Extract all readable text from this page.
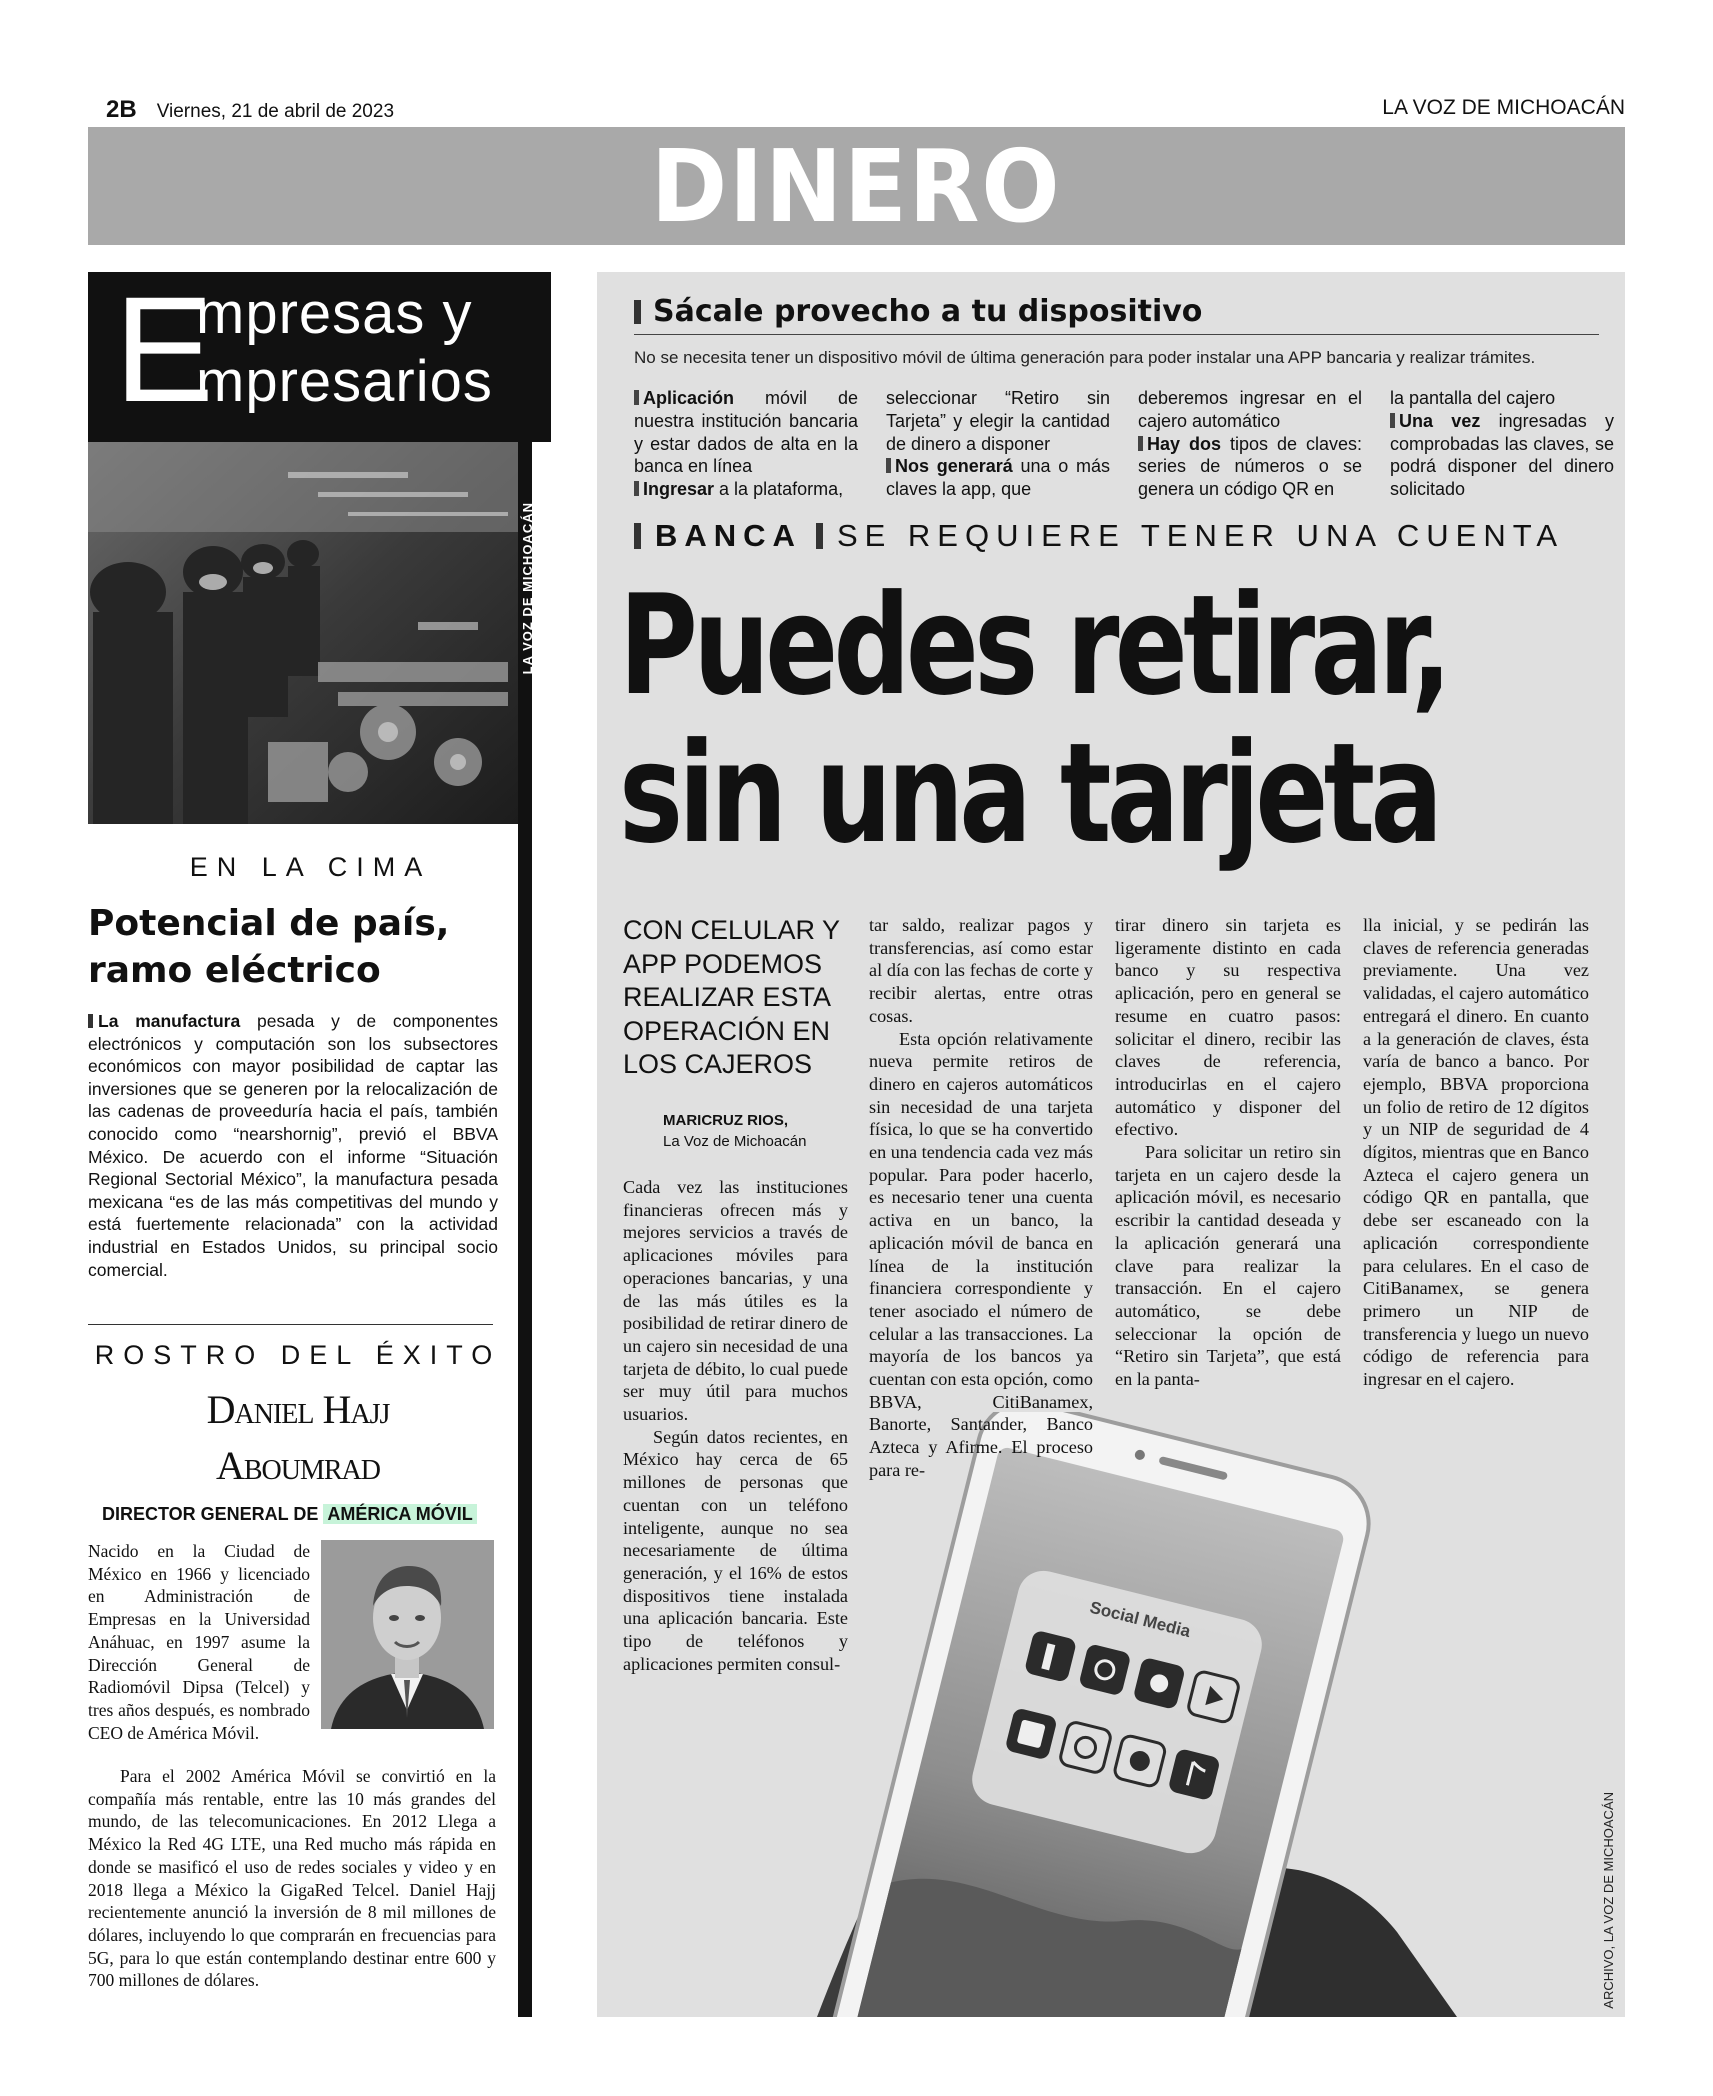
2B Viernes, 21 de abril de 2023	LA VOZ DE MICHOACÁN
DINERO
E
mpresas y
mpresarios
LA VOZ DE MICHOACÁN
EN LA CIMA
Potencial de país,
ramo eléctrico
La manufactura pesada y de componentes electrónicos y computación son los subsectores económicos con mayor posibilidad de captar las inversiones que se generen por la relocalización de las cadenas de proveeduría hacia el país, también conocido como “nearshornig”, previó el BBVA México. De acuerdo con el informe “Situación Regional Sectorial México”, la manufactura pesada mexicana “es de las más competitivas del mundo y está fuertemente relacionada” con la actividad industrial en Estados Unidos, su principal socio comercial.
ROSTRO DEL ÉXITO
Daniel Hajj
Aboumrad
DIRECTOR GENERAL DE AMÉRICA MÓVIL
Nacido en la Ciudad de México en 1966 y licenciado en Administración de Empresas en la Universidad Anáhuac, en 1997 asume la Dirección General de Radiomóvil Dipsa (Telcel) y tres años después, es nombrado CEO de América Móvil.
Para el 2002 América Móvil se convirtió en la compañía más rentable, entre las 10 más grandes del mundo, de las telecomunicaciones. En 2012 Llega a México la Red 4G LTE, una Red mucho más rápida en donde se masificó el uso de redes sociales y video y en 2018 llega a México la GigaRed Telcel. Daniel Hajj recientemente anunció la inversión de 8 mil millones de dólares, incluyendo lo que comprarán en frecuencias para 5G, para lo que están contemplando destinar entre 600 y 700 millones de dólares.
Sácale provecho a tu dispositivo
No se necesita tener un dispositivo móvil de última generación para poder instalar una APP bancaria y realizar trámites.
Aplicación móvil de nuestra institución bancaria y estar dados de alta en la banca en línea
Ingresar a la plataforma,
seleccionar “Retiro sin Tarjeta” y elegir la cantidad de dinero a disponer
Nos generará una o más claves la app, que
deberemos ingresar en el cajero automático
Hay dos tipos de claves: series de números o se genera un código QR en
la pantalla del cajero
Una vez ingresadas y comprobadas las claves, se podrá disponer del dinero solicitado
BANCA SE REQUIERE TENER UNA CUENTA
Puedes retirar,
sin una tarjeta
Social Media
CON CELULAR Y APP PODEMOS REALIZAR ESTA OPERACIÓN EN LOS CAJEROS
MARICRUZ RIOS,
La Voz de Michoacán

Cada vez las instituciones financieras ofrecen más y mejores servicios a través de aplicaciones móviles para operaciones bancarias, y una de las más útiles es la posibilidad de retirar dinero de un cajero sin necesidad de una tarjeta de débito, lo cual puede ser muy útil para muchos usuarios.

Según datos recientes, en México hay cerca de 65 millones de personas que cuentan con un teléfono inteligente, aunque no sea necesariamente de última generación, y el 16% de estos dispositivos tiene instalada una aplicación bancaria. Este tipo de teléfonos y aplicaciones permiten consul-

tar saldo, realizar pagos y transferencias, así como estar al día con las fechas de corte y recibir alertas, entre otras cosas.

Esta opción relativamente nueva permite retiros de dinero en cajeros automáticos sin necesidad de una tarjeta física, lo que se ha convertido en una tendencia cada vez más popular. Para poder hacerlo, es necesario tener una cuenta activa en un banco, la aplicación móvil de banca en línea de la institución financiera correspondiente y tener asociado el número de celular a las transacciones. La mayoría de los bancos ya cuentan con esta opción, como BBVA, CitiBanamex, Banorte, Santander, Banco Azteca y Afirme. El proceso para re-

tirar dinero sin tarjeta es ligeramente distinto en cada banco y su respectiva aplicación, pero en general se resume en cuatro pasos: solicitar el dinero, recibir las claves de referencia, introducirlas en el cajero automático y disponer del efectivo.

Para solicitar un retiro sin tarjeta en un cajero desde la aplicación móvil, es necesario escribir la cantidad deseada y la aplicación generará una clave para realizar la transacción. En el cajero automático, se debe seleccionar la opción de “Retiro sin Tarjeta”, que está en la panta-

lla inicial, y se pedirán las claves de referencia generadas previamente. Una vez validadas, el cajero automático entregará el dinero. En cuanto a la generación de claves, ésta varía de banco a banco. Por ejemplo, BBVA proporciona un folio de retiro de 12 dígitos y un NIP de seguridad de 4 dígitos, mientras que en Banco Azteca el cajero genera un código QR en pantalla, que debe ser escaneado con la aplicación correspondiente para celulares. En el caso de CitiBanamex, se genera primero un NIP de transferencia y luego un nuevo código de referencia para ingresar en el cajero.

ARCHIVO, LA VOZ DE MICHOACÁN
